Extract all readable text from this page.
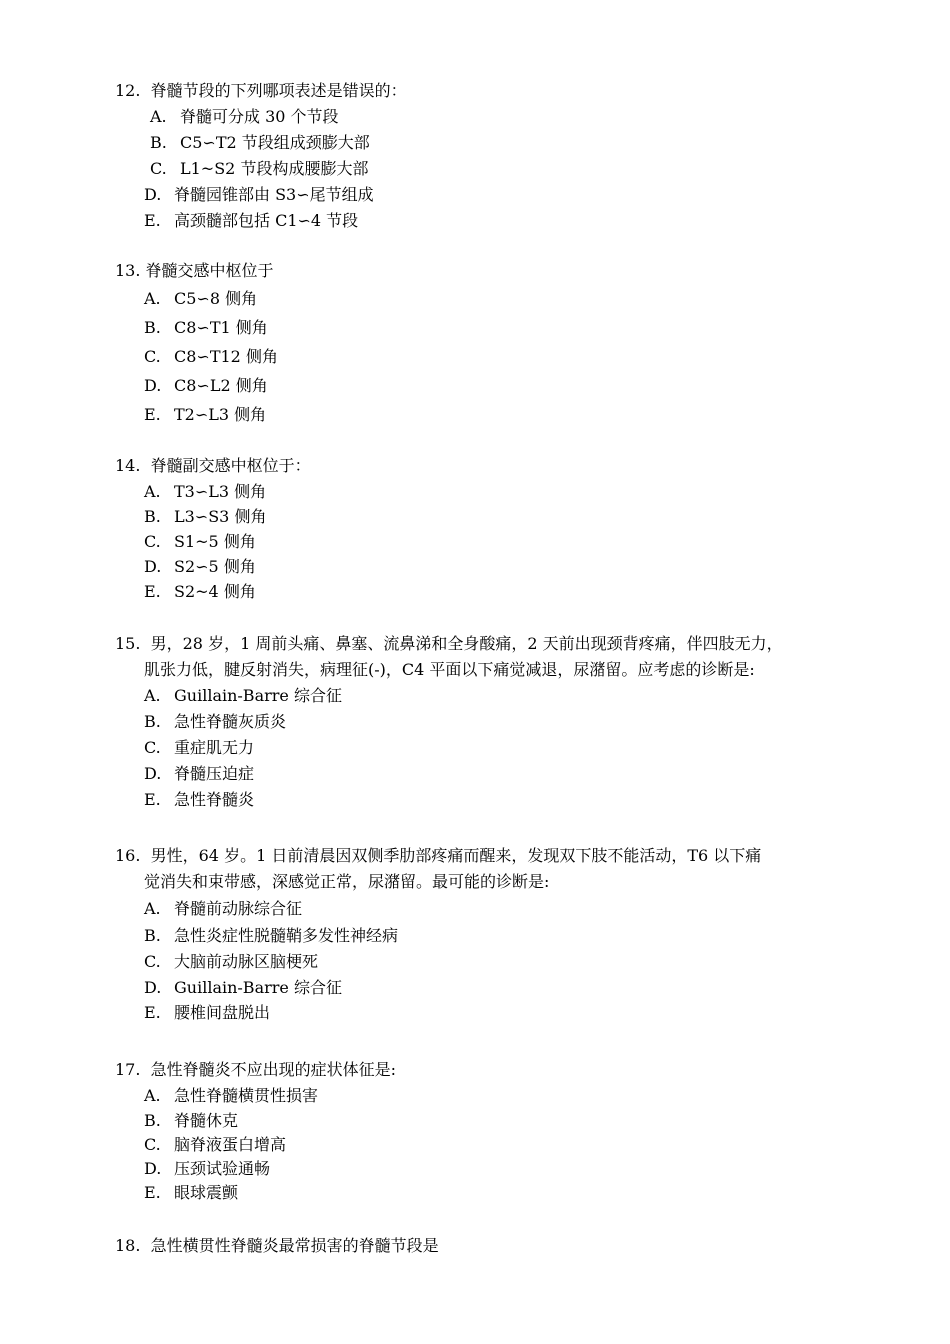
12.  脊髓节段的下列哪项表述是错误的：
A. 脊髓可分成 30 个节段
B. C5∽T2 节段组成颈膨大部
C. L1~S2 节段构成腰膨大部
D. 脊髓园锥部由 S3∽尾节组成
E. 高颈髓部包括 C1∽4 节段
13. 脊髓交感中枢位于
A. C5∽8 侧角
B. C8∽T1 侧角
C. C8∽T12 侧角
D. C8∽L2 侧角
E. T2∽L3 侧角
14.  脊髓副交感中枢位于：
A. T3∽L3 侧角
B. L3∽S3 侧角
C. S1~5 侧角
D. S2∽5 侧角
E. S2~4 侧角
15.  男，28 岁，1 周前头痛、鼻塞、流鼻涕和全身酸痛，2 天前出现颈背疼痛，伴四肢无力，
肌张力低，腱反射消失，病理征(-)，C4 平面以下痛觉减退，尿潴留。应考虑的诊断是:
A. Guillain-Barre 综合征
B. 急性脊髓灰质炎
C. 重症肌无力
D. 脊髓压迫症
E. 急性脊髓炎
16.  男性，64 岁。1 日前清晨因双侧季肋部疼痛而醒来，发现双下肢不能活动，T6 以下痛
觉消失和束带感，深感觉正常，尿潴留。最可能的诊断是:
A. 脊髓前动脉综合征
B. 急性炎症性脱髓鞘多发性神经病
C. 大脑前动脉区脑梗死
D. Guillain-Barre 综合征
E. 腰椎间盘脱出
17.  急性脊髓炎不应出现的症状体征是:
A. 急性脊髓横贯性损害
B. 脊髓休克
C. 脑脊液蛋白增高
D. 压颈试验通畅
E. 眼球震颤
18.  急性横贯性脊髓炎最常损害的脊髓节段是
